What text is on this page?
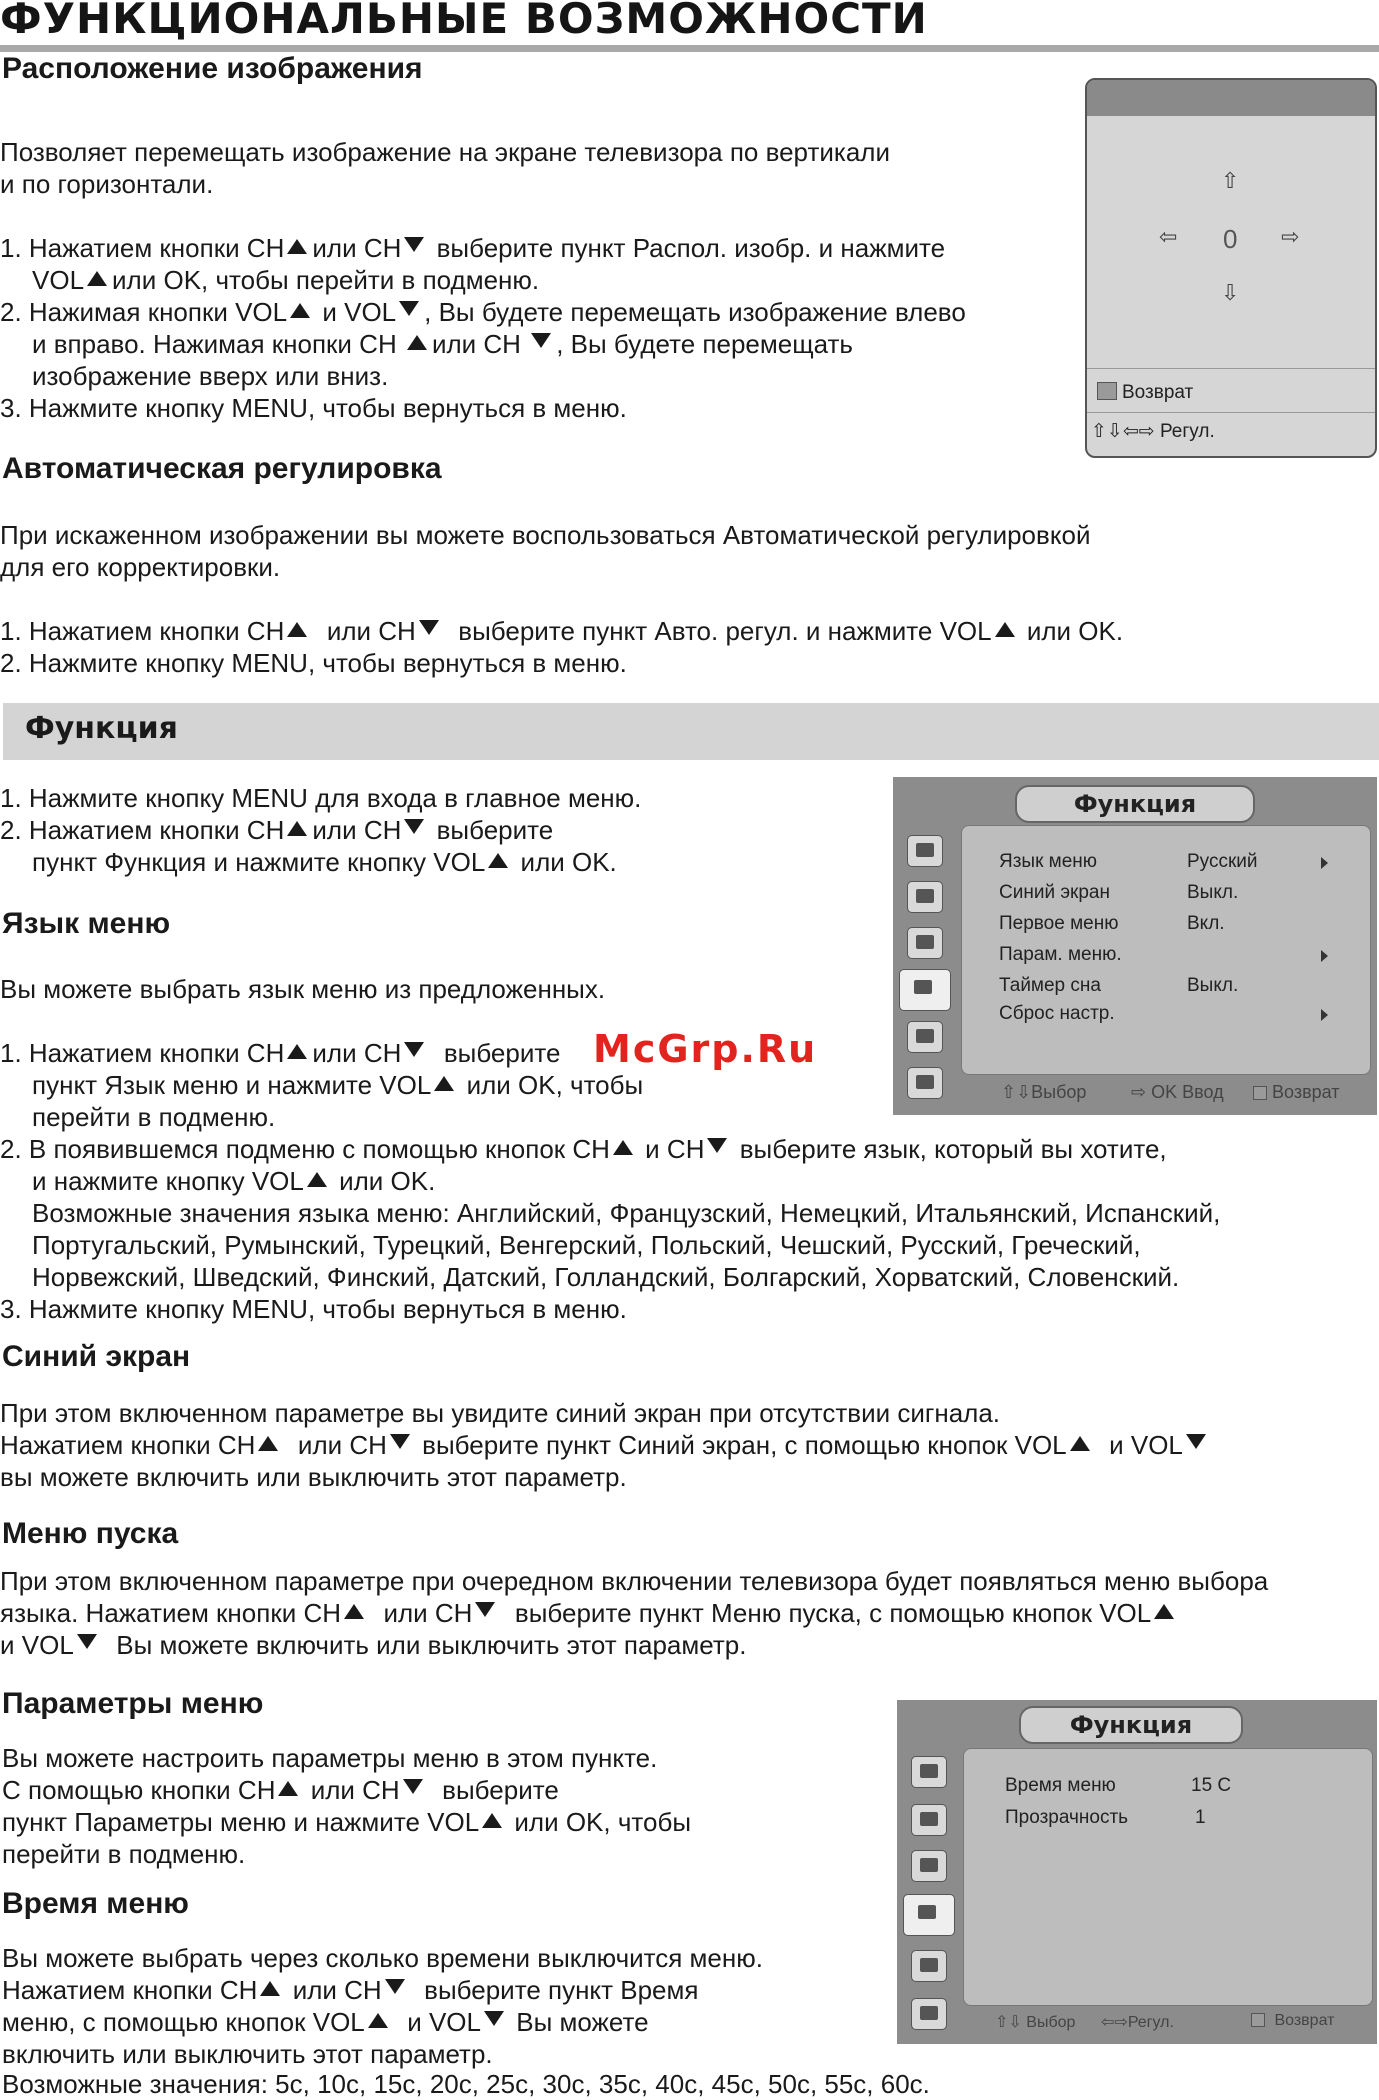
ФУНКЦИОНАЛЬНЫЕ ВОЗМОЖНОСТИ
Расположение изображения
Позволяет перемещать изображение на экране телевизора по вертикали
и по горизонтали.
1. Нажатием кнопки CH или CH выберите пункт Распол. изобр. и нажмите
VOL или OK, чтобы перейти в подменю.
2. Нажимая кнопки VOL и VOL , Вы будете перемещать изображение влево
и вправо. Нажимая кнопки CH или CH , Вы будете перемещать
изображение вверх или вниз.
3. Нажмите кнопку MENU, чтобы вернуться в меню.
⇧
⇦ 0 ⇨
⇩
Возврат
⇧⇩⇦⇨ Регул.
Автоматическая регулировка
При искаженном изображении вы можете воспользоваться Автоматической регулировкой
для его корректировки.
1. Нажатием кнопки CH или CH выберите пункт Авто. регул. и нажмите VOL или OK.
2. Нажмите кнопку MENU, чтобы вернуться в меню.
Функция
1. Нажмите кнопку MENU для входа в главное меню.
2. Нажатием кнопки CH или CH выберите
пункт Функция и нажмите кнопку VOL или OK.
Функция
Язык меню	Русский
Синий экран	Выкл.
Первое меню	Вкл.
Парам. меню.
Таймер сна	Выкл.
Сброс настр.
⇧⇩Выбор ⇨ OK Ввод	Возврат
Язык меню
Вы можете выбрать язык меню из предложенных.
1. Нажатием кнопки CH или CH выберите McGrp.Ru
пункт Язык меню и нажмите VOL или OK, чтобы
перейти в подменю.
2. В появившемся подменю с помощью кнопок CH и CH выберите язык, который вы хотите,
и нажмите кнопку VOL или OK.
Возможные значения языка меню: Английский, Французский, Немецкий, Итальянский, Испанский,
Португальский, Румынский, Турецкий, Венгерский, Польский, Чешский, Русский, Греческий,
Норвежский, Шведский, Финский, Датский, Голландский, Болгарский, Хорватский, Словенский.
3. Нажмите кнопку MENU, чтобы вернуться в меню.
Синий экран
При этом включенном параметре вы увидите синий экран при отсутствии сигнала.
Нажатием кнопки CH или CH выберите пункт Синий экран, с помощью кнопок VOL и VOL
вы можете включить или выключить этот параметр.
Меню пуска
При этом включенном параметре при очередном включении телевизора будет появляться меню выбора
языка. Нажатием кнопки CH или CH выберите пункт Меню пуска, с помощью кнопок VOL
и VOL Вы можете включить или выключить этот параметр.
Параметры меню
Вы можете настроить параметры меню в этом пункте.
С помощью кнопки CH или CH выберите
пункт Параметры меню и нажмите VOL или OK, чтобы
перейти в подменю.
Время меню
Вы можете выбрать через сколько времени выключится меню.
Нажатием кнопки CH или CH выберите пункт Время
меню, с помощью кнопок VOL и VOL Вы можете
включить или выключить этот параметр.
Возможные значения: 5с, 10с, 15с, 20с, 25с, 30с, 35с, 40с, 45с, 50с, 55с, 60с.
Функция
Время меню	15 C
Прозрачность	1
⇧⇩ Выбор ⇦⇨Регул.	Возврат
